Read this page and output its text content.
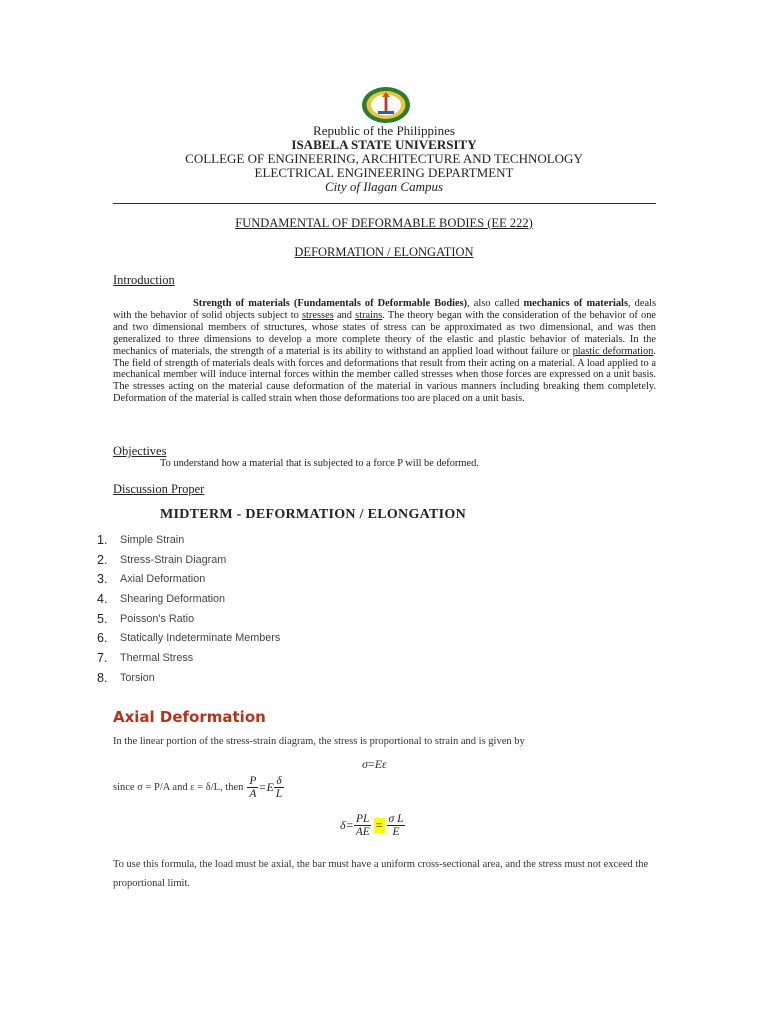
Republic of the Philippines
ISABELA STATE UNIVERSITY
COLLEGE OF ENGINEERING, ARCHITECTURE AND TECHNOLOGY
ELECTRICAL ENGINEERING DEPARTMENT
City of Ilagan Campus
FUNDAMENTAL OF DEFORMABLE BODIES (EE 222)
DEFORMATION / ELONGATION
Introduction
Strength of materials (Fundamentals of Deformable Bodies), also called mechanics of materials, deals with the behavior of solid objects subject to stresses and strains. The theory began with the consideration of the behavior of one and two dimensional members of structures, whose states of stress can be approximated as two dimensional, and was then generalized to three dimensions to develop a more complete theory of the elastic and plastic behavior of materials. In the mechanics of materials, the strength of a material is its ability to withstand an applied load without failure or plastic deformation. The field of strength of materials deals with forces and deformations that result from their acting on a material. A load applied to a mechanical member will induce internal forces within the member called stresses when those forces are expressed on a unit basis. The stresses acting on the material cause deformation of the material in various manners including breaking them completely. Deformation of the material is called strain when those deformations too are placed on a unit basis.
Objectives
To understand how a material that is subjected to a force P will be deformed.
Discussion Proper
MIDTERM - DEFORMATION / ELONGATION
1.	Simple Strain
2.	Stress-Strain Diagram
3.	Axial Deformation
4.	Shearing Deformation
5.	Poisson's Ratio
6.	Statically Indeterminate Members
7.	Thermal Stress
8.	Torsion
Axial Deformation
In the linear portion of the stress-strain diagram, the stress is proportional to strain and is given by
σ=Eε
since σ = P/A and ε = δ/L, then $\frac{P}{A} =E \frac{\delta}{L}$
$\delta= \frac{PL}{AE} = \frac{\text{σ L}}{E}$
To use this formula, the load must be axial, the bar must have a uniform cross-sectional area, and the stress must not exceed the proportional limit.
